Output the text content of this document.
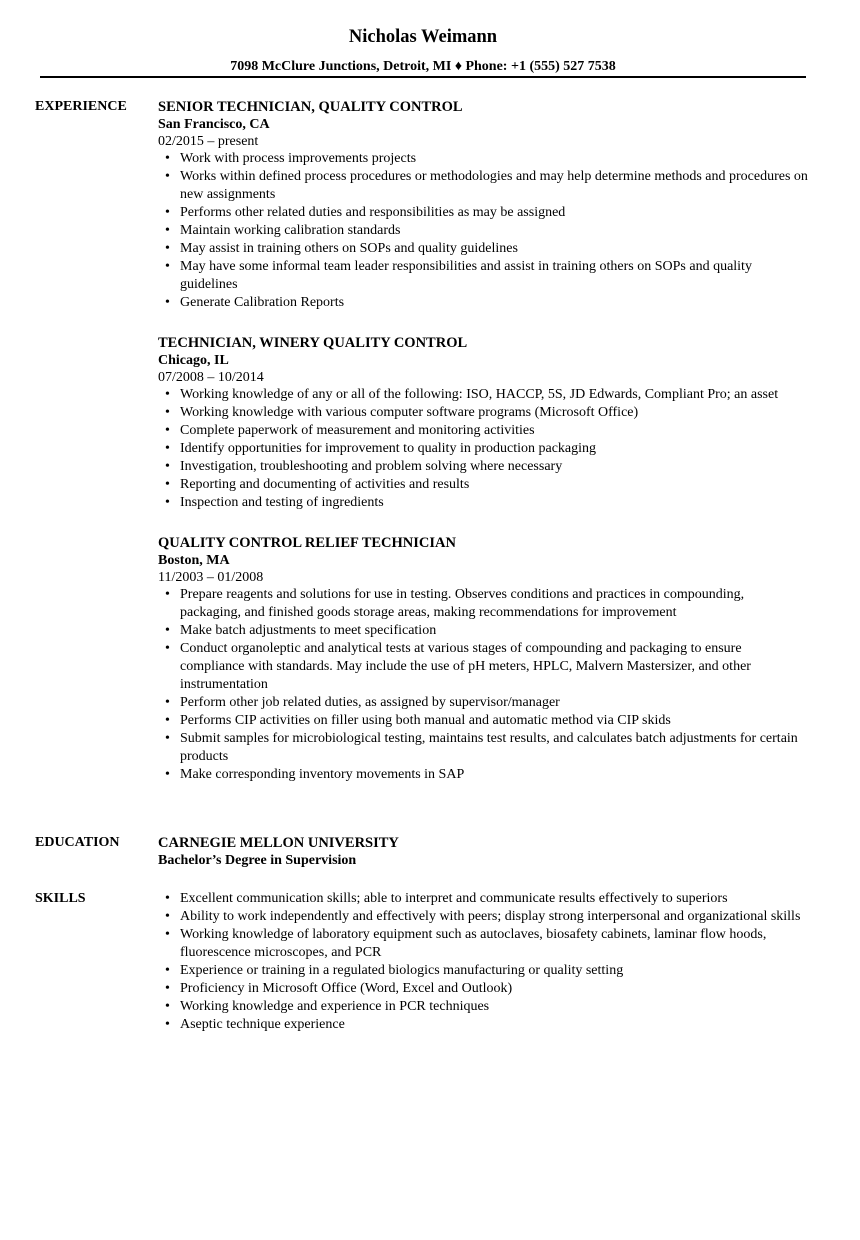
Nicholas Weimann
7098 McClure Junctions, Detroit, MI ♦ Phone: +1 (555) 527 7538
EXPERIENCE SENIOR TECHNICIAN, QUALITY CONTROL
San Francisco, CA
02/2015 – present
• Work with process improvements projects
• Works within defined process procedures or methodologies and may help determine methods and procedures on new assignments
• Performs other related duties and responsibilities as may be assigned
• Maintain working calibration standards
• May assist in training others on SOPs and quality guidelines
• May have some informal team leader responsibilities and assist in training others on SOPs and quality guidelines
• Generate Calibration Reports
TECHNICIAN, WINERY QUALITY CONTROL
Chicago, IL
07/2008 – 10/2014
• Working knowledge of any or all of the following: ISO, HACCP, 5S, JD Edwards, Compliant Pro; an asset
• Working knowledge with various computer software programs (Microsoft Office)
• Complete paperwork of measurement and monitoring activities
• Identify opportunities for improvement to quality in production packaging
• Investigation, troubleshooting and problem solving where necessary
• Reporting and documenting of activities and results
• Inspection and testing of ingredients
QUALITY CONTROL RELIEF TECHNICIAN
Boston, MA
11/2003 – 01/2008
• Prepare reagents and solutions for use in testing. Observes conditions and practices in compounding, packaging, and finished goods storage areas, making recommendations for improvement
• Make batch adjustments to meet specification
• Conduct organoleptic and analytical tests at various stages of compounding and packaging to ensure compliance with standards. May include the use of pH meters, HPLC, Malvern Mastersizer, and other instrumentation
• Perform other job related duties, as assigned by supervisor/manager
• Performs CIP activities on filler using both manual and automatic method via CIP skids
• Submit samples for microbiological testing, maintains test results, and calculates batch adjustments for certain products
• Make corresponding inventory movements in SAP
EDUCATION	CARNEGIE MELLON UNIVERSITY
Bachelor’s Degree in Supervision
SKILLS	• Excellent communication skills; able to interpret and communicate results effectively to superiors
• Ability to work independently and effectively with peers; display strong interpersonal and organizational skills
• Working knowledge of laboratory equipment such as autoclaves, biosafety cabinets, laminar flow hoods, fluorescence microscopes, and PCR
• Experience or training in a regulated biologics manufacturing or quality setting
• Proficiency in Microsoft Office (Word, Excel and Outlook)
• Working knowledge and experience in PCR techniques
• Aseptic technique experience
